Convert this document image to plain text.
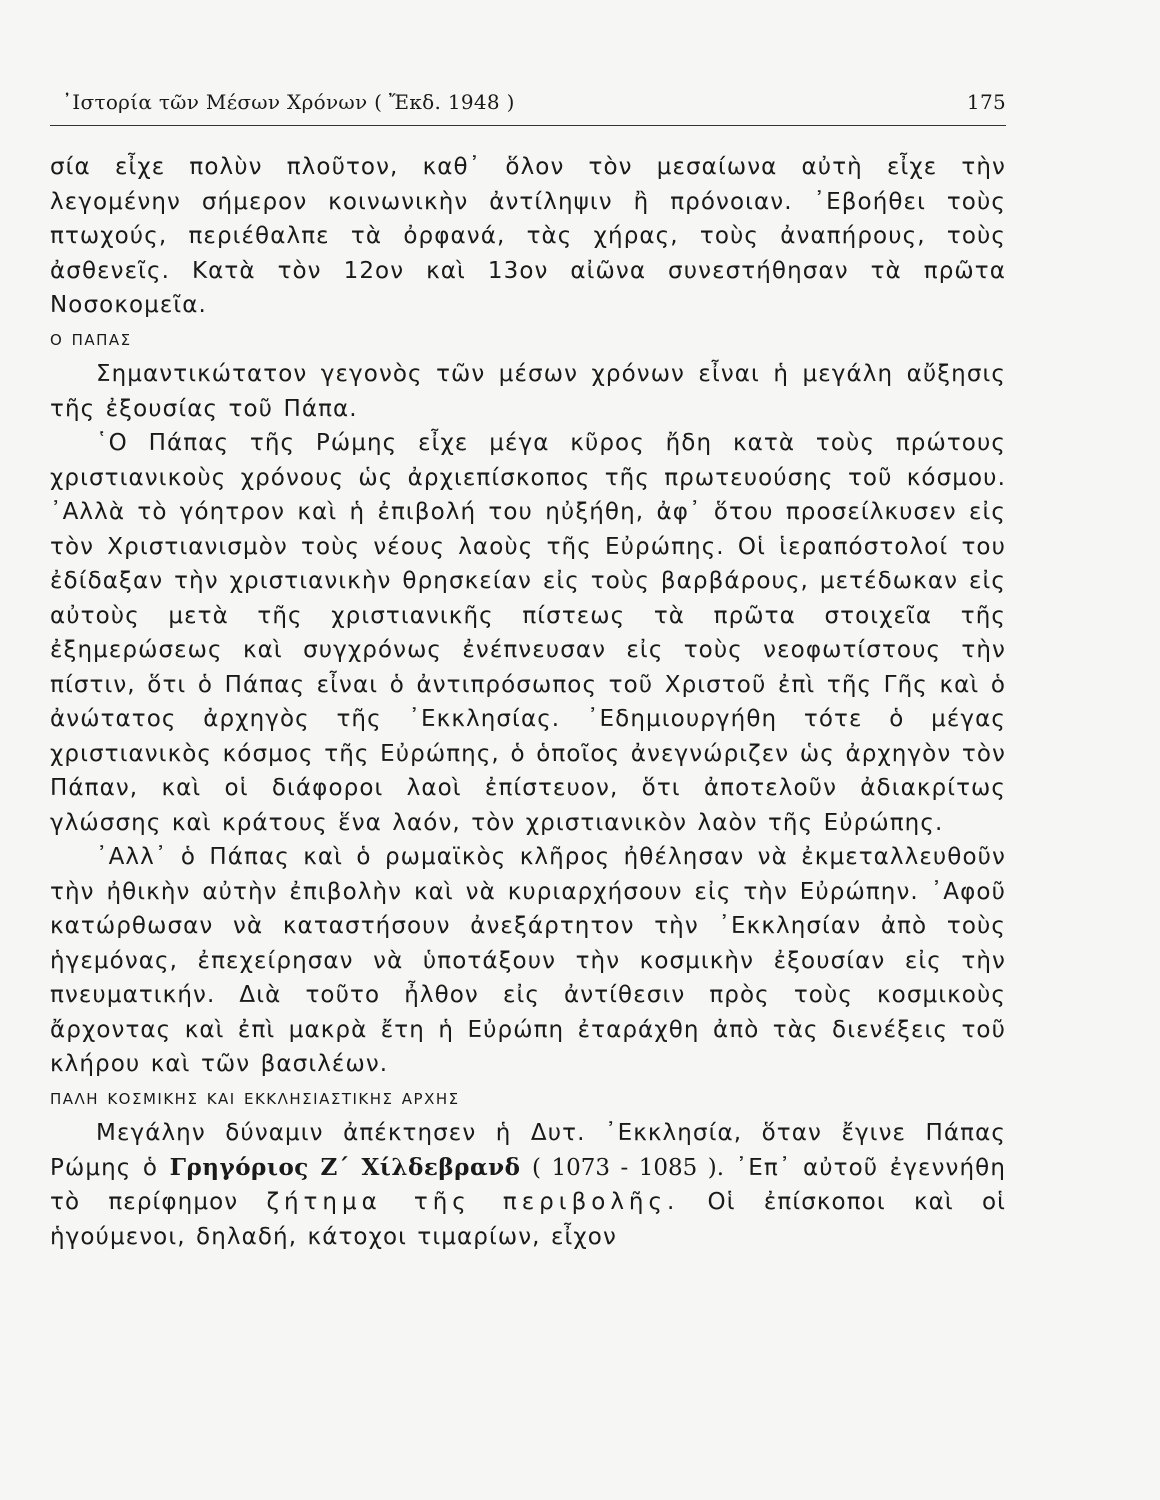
᾿Ιστορία τῶν Μέσων Χρόνων ( Ἔκδ. 1948 )	175

σία εἶχε πολὺν πλοῦτον, καθ᾿ ὅλον τὸν μεσαίωνα αὐτὴ εἶχε τὴν λεγομένην σήμερον κοινωνικὴν ἀντίληψιν ἢ πρόνοιαν. ᾿Εβοήθει τοὺς πτωχούς, περιέθαλπε τὰ ὀρφανά, τὰς χήρας, τοὺς ἀναπήρους, τοὺς ἀσθενεῖς. Κατὰ τὸν 12ον καὶ 13ον αἰῶνα συνεστήθησαν τὰ πρῶτα Νοσοκομεῖα.

Ο ΠΑΠΑΣ

Σημαντικώτατον γεγονὸς τῶν μέσων χρόνων εἶναι ἡ μεγάλη αὔξησις τῆς ἐξουσίας τοῦ Πάπα.

῾Ο Πάπας τῆς Ρώμης εἶχε μέγα κῦρος ἤδη κατὰ τοὺς πρώτους χριστιανικοὺς χρόνους ὡς ἀρχιεπίσκοπος τῆς πρωτευούσης τοῦ κόσμου. ᾿Αλλὰ τὸ γόητρον καὶ ἡ ἐπιβολή του ηὐξήθη, ἀφ᾿ ὅτου προσείλκυσεν εἰς τὸν Χριστιανισμὸν τοὺς νέους λαοὺς τῆς Εὐρώπης. Οἱ ἱεραπόστολοί του ἐδίδαξαν τὴν χριστιανικὴν θρησκείαν εἰς τοὺς βαρβάρους, μετέδωκαν εἰς αὐτοὺς μετὰ τῆς χριστιανικῆς πίστεως τὰ πρῶτα στοιχεῖα τῆς ἐξημερώσεως καὶ συγχρόνως ἐνέπνευσαν εἰς τοὺς νεοφωτίστους τὴν πίστιν, ὅτι ὁ Πάπας εἶναι ὁ ἀντιπρόσωπος τοῦ Χριστοῦ ἐπὶ τῆς Γῆς καὶ ὁ ἀνώτατος ἀρχηγὸς τῆς ᾿Εκκλησίας. ᾿Εδημιουργήθη τότε ὁ μέγας χριστιανικὸς κόσμος τῆς Εὐρώπης, ὁ ὁποῖος ἀνεγνώριζεν ὡς ἀρχηγὸν τὸν Πάπαν, καὶ οἱ διάφοροι λαοὶ ἐπίστευον, ὅτι ἀποτελοῦν ἀδιακρίτως γλώσσης καὶ κράτους ἕνα λαόν, τὸν χριστιανικὸν λαὸν τῆς Εὐρώπης.

᾿Αλλ᾿ ὁ Πάπας καὶ ὁ ρωμαϊκὸς κλῆρος ἠθέλησαν νὰ ἐκμεταλλευθοῦν τὴν ἠθικὴν αὐτὴν ἐπιβολὴν καὶ νὰ κυριαρχήσουν εἰς τὴν Εὐρώπην. ᾿Αφοῦ κατώρθωσαν νὰ καταστήσουν ἀνεξάρτητον τὴν ᾿Εκκλησίαν ἀπὸ τοὺς ἡγεμόνας, ἐπεχείρησαν νὰ ὑποτάξουν τὴν κοσμικὴν ἐξουσίαν εἰς τὴν πνευματικήν. Διὰ τοῦτο ἦλθον εἰς ἀντίθεσιν πρὸς τοὺς κοσμικοὺς ἄρχοντας καὶ ἐπὶ μακρὰ ἔτη ἡ Εὐρώπη ἐταράχθη ἀπὸ τὰς διενέξεις τοῦ κλήρου καὶ τῶν βασιλέων.

ΠΑΛΗ ΚΟΣΜΙΚΗΣ ΚΑΙ ΕΚΚΛΗΣΙΑΣΤΙΚΗΣ ΑΡΧΗΣ

Μεγάλην δύναμιν ἀπέκτησεν ἡ Δυτ. ᾿Εκκλησία, ὅταν ἔγινε Πάπας Ρώμης ὁ Γρηγόριος Ζ΄ Χίλδεβρανδ ( 1073 - 1085 ). ᾿Επ᾿ αὐτοῦ ἐγεννήθη τὸ περίφημον ζήτημα τῆς περιβολῆς. Οἱ ἐπίσκοποι καὶ οἱ ἡγούμενοι, δηλαδή, κάτοχοι τιμαρίων, εἶχον
